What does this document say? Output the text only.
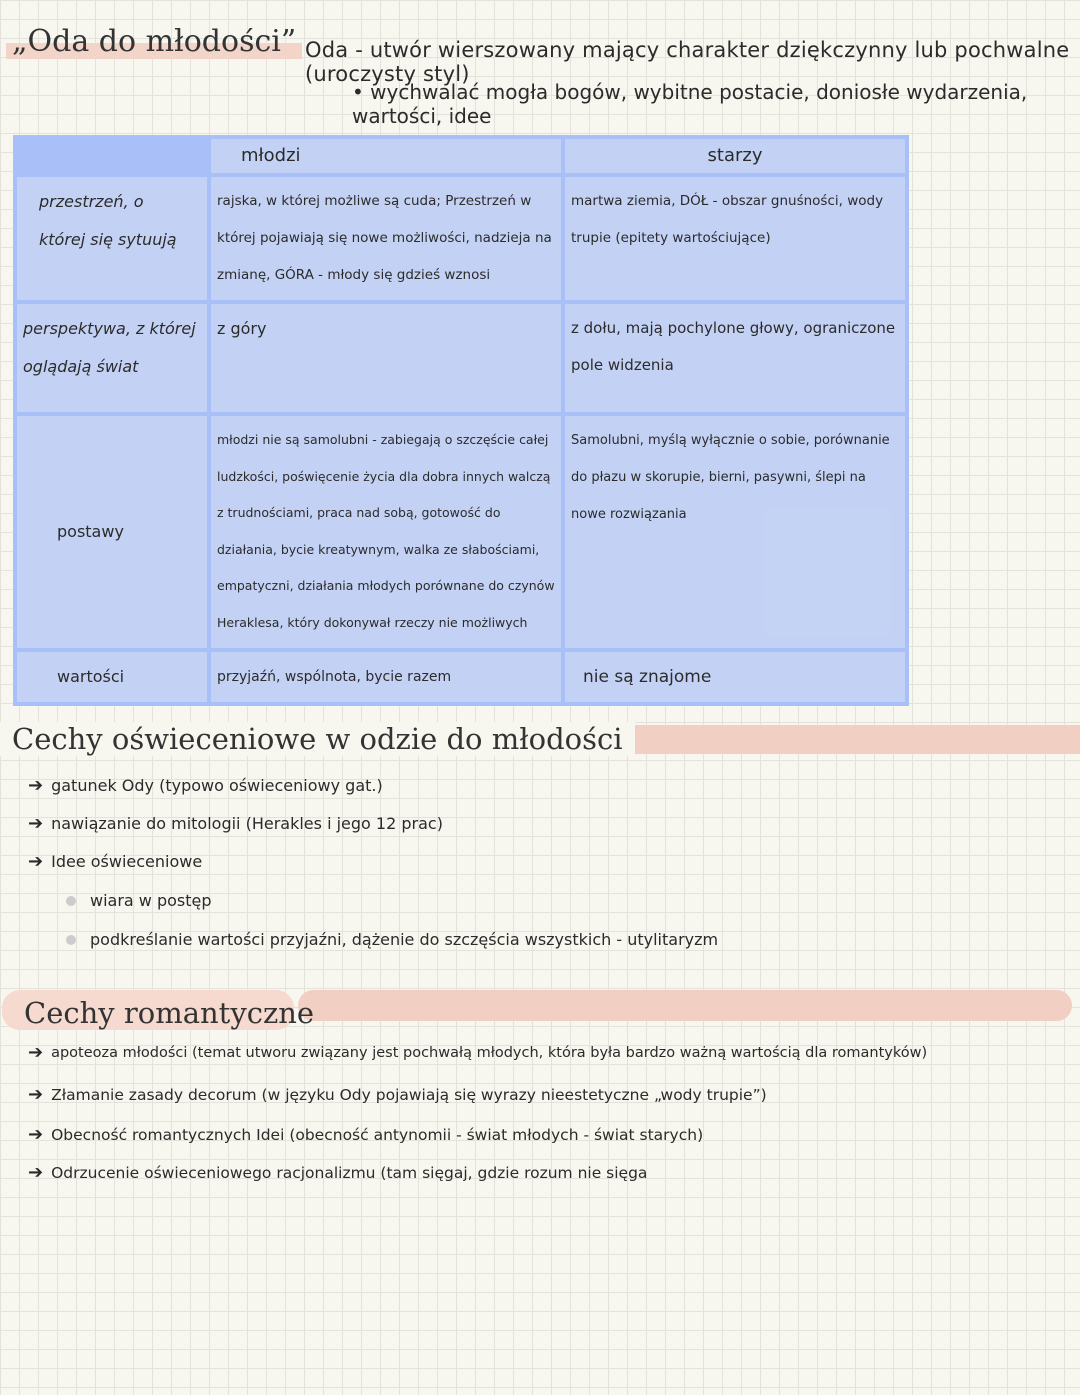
„Oda do młodości” Oda - utwór wierszowany mający charakter dziękczynny lub pochwalne (uroczysty styl)
• wychwalać mogła bogów, wybitne postacie, doniosłe wydarzenia, wartości, idee
	młodzi	starzy
przestrzeń, o której się sytuują	rajska, w której możliwe są cuda; Przestrzeń w której pojawiają się nowe możliwości, nadzieja na zmianę, GÓRA - młody się gdzieś wznosi	martwa ziemia, DÓŁ - obszar gnuśności, wody trupie (epitety wartościujące)
perspektywa, z której oglądają świat	z góry	z dołu, mają pochylone głowy, ograniczone pole widzenia
postawy	młodzi nie są samolubni - zabiegają o szczęście całej ludzkości, poświęcenie życia dla dobra innych walczą z trudnościami, praca nad sobą, gotowość do działania, bycie kreatywnym, walka ze słabościami, empatyczni, działania młodych porównane do czynów Heraklesa, który dokonywał rzeczy nie możliwych	Samolubni, myślą wyłącznie o sobie, porównanie do płazu w skorupie, bierni, pasywni, ślepi na nowe rozwiązania
wartości	przyjaźń, wspólnota, bycie razem	nie są znajome
Cechy oświeceniowe w odzie do młodości
➔ gatunek Ody (typowo oświeceniowy gat.)
➔ nawiązanie do mitologii (Herakles i jego 12 prac)
➔ Idee oświeceniowe
wiara w postęp
podkreślanie wartości przyjaźni, dążenie do szczęścia wszystkich - utylitaryzm
Cechy romantyczne
➔ apoteoza młodości (temat utworu związany jest pochwałą młodych, która była bardzo ważną wartością dla romantyków)
➔ Złamanie zasady decorum (w języku Ody pojawiają się wyrazy nieestetyczne „wody trupie”)
➔ Obecność romantycznych Idei (obecność antynomii - świat młodych - świat starych)
➔ Odrzucenie oświeceniowego racjonalizmu (tam sięgaj, gdzie rozum nie sięga
